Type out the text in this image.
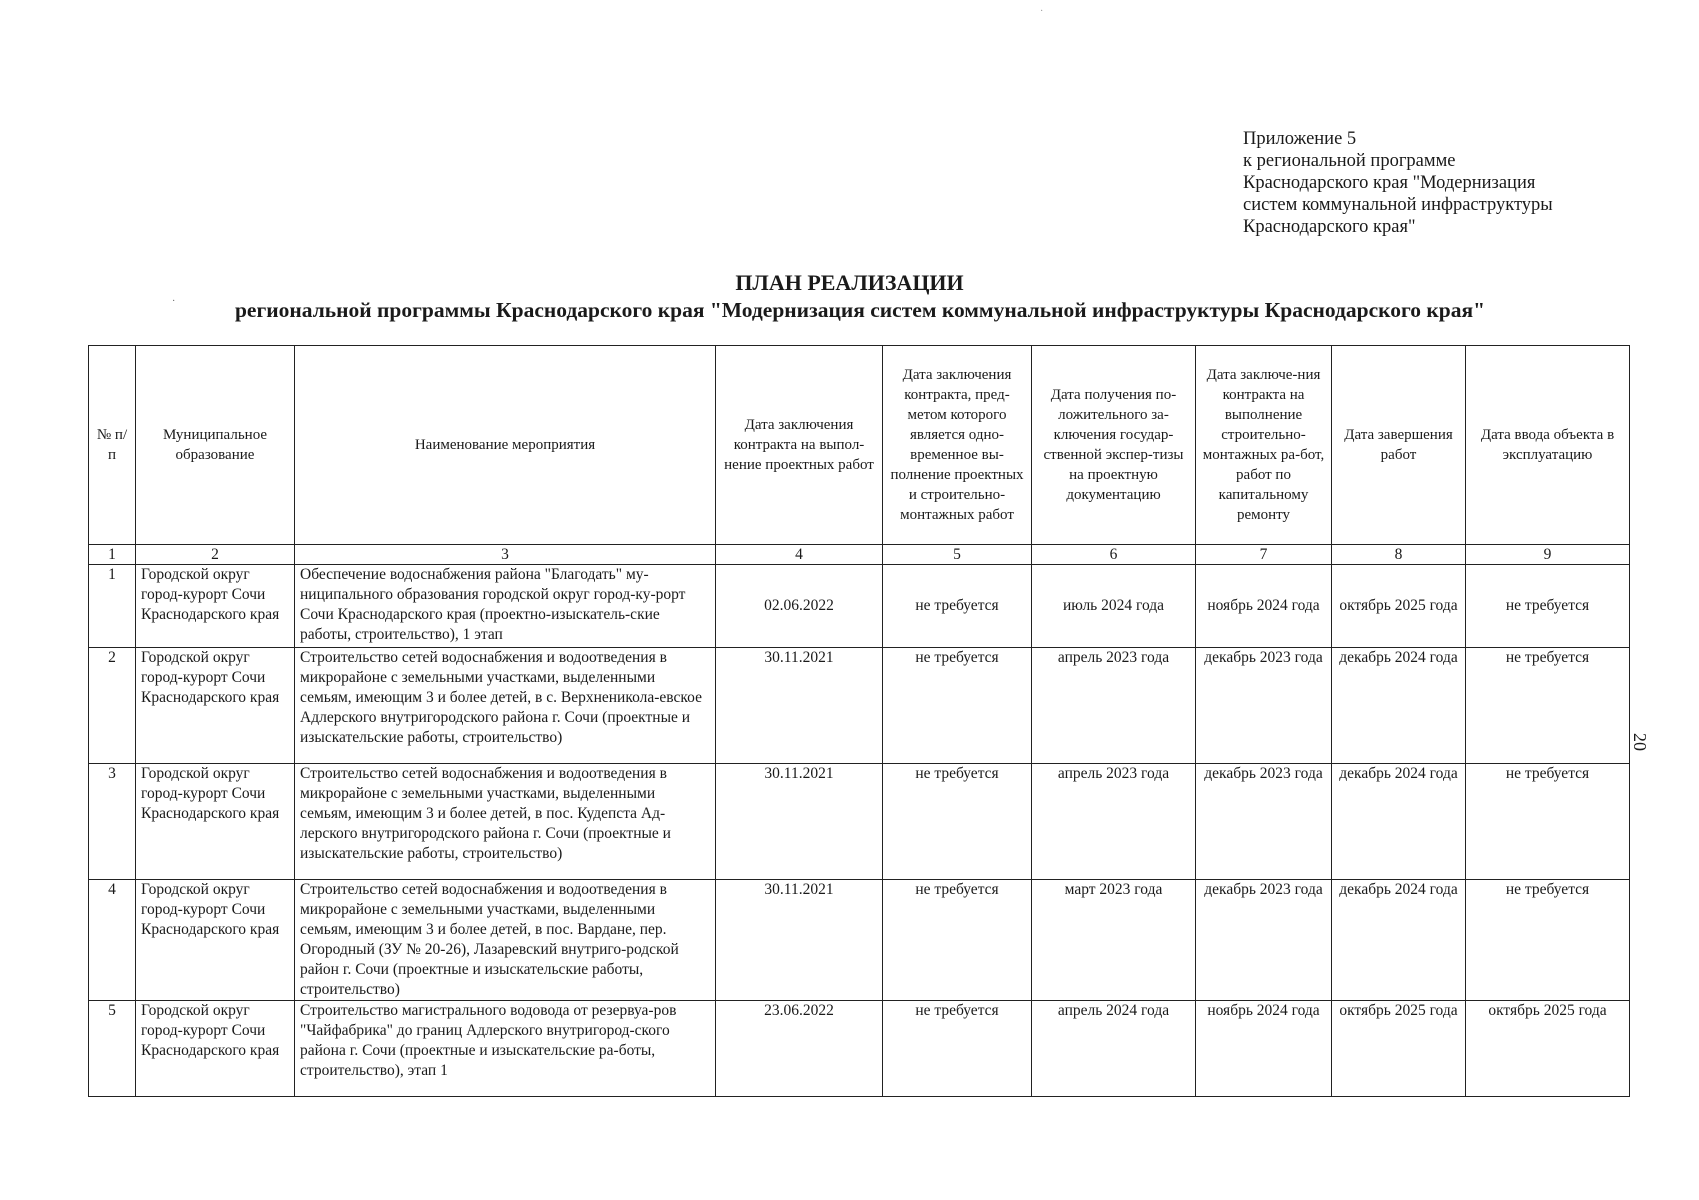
Приложение 5
к региональной программе
Краснодарского края "Модернизация
систем коммунальной инфраструктуры
Краснодарского края"
ПЛАН РЕАЛИЗАЦИИ
·	региональной программы Краснодарского края "Модернизация систем коммунальной инфраструктуры Краснодарского края"
20
·
№ п/п	Муниципальное образование	Наименование мероприятия	Дата заключения контракта на выпол-нение проектных работ	Дата заключения контракта, пред-метом которого является одно-временное вы-полнение проектных и строительно-монтажных работ	Дата получения по-ложительного за-ключения государ-ственной экспер-тизы на проектную документацию	Дата заключе-ния контракта на выполнение строительно-монтажных ра-бот, работ по капитальному ремонту	Дата завершения работ	Дата ввода объекта в эксплуатацию
1	2	3	4	5	6	7	8	9
1	Городской округ город-курорт Сочи Краснодарского края	Обеспечение водоснабжения района "Благодать" му-ниципального образования городской округ город-ку-рорт Сочи Краснодарского края (проектно-изыскатель-ские работы, строительство), 1 этап	02.06.2022	не требуется	июль 2024 года	ноябрь 2024 года	октябрь 2025 года	не требуется
2	Городской округ город-курорт Сочи Краснодарского края	Строительство сетей водоснабжения и водоотведения в микрорайоне с земельными участками, выделенными семьям, имеющим 3 и более детей, в с. Верхненикола-евское Адлерского внутригородского района г. Сочи (проектные и изыскательские работы, строительство)	30.11.2021	не требуется	апрель 2023 года	декабрь 2023 года	декабрь 2024 года	не требуется
3	Городской округ город-курорт Сочи Краснодарского края	Строительство сетей водоснабжения и водоотведения в микрорайоне с земельными участками, выделенными семьям, имеющим 3 и более детей, в пос. Кудепста Ад-лерского внутригородского района г. Сочи (проектные и изыскательские работы, строительство)	30.11.2021	не требуется	апрель 2023 года	декабрь 2023 года	декабрь 2024 года	не требуется
4	Городской округ город-курорт Сочи Краснодарского края	Строительство сетей водоснабжения и водоотведения в микрорайоне с земельными участками, выделенными семьям, имеющим 3 и более детей, в пос. Вардане, пер. Огородный (ЗУ № 20-26), Лазаревский внутриго-родской район г. Сочи (проектные и изыскательские работы, строительство)	30.11.2021	не требуется	март 2023 года	декабрь 2023 года	декабрь 2024 года	не требуется
5	Городской округ город-курорт Сочи Краснодарского края	Строительство магистрального водовода от резервуа-ров "Чайфабрика" до границ Адлерского внутригород-ского района г. Сочи (проектные и изыскательские ра-боты, строительство), этап 1	23.06.2022	не требуется	апрель 2024 года	ноябрь 2024 года	октябрь 2025 года	октябрь 2025 года
